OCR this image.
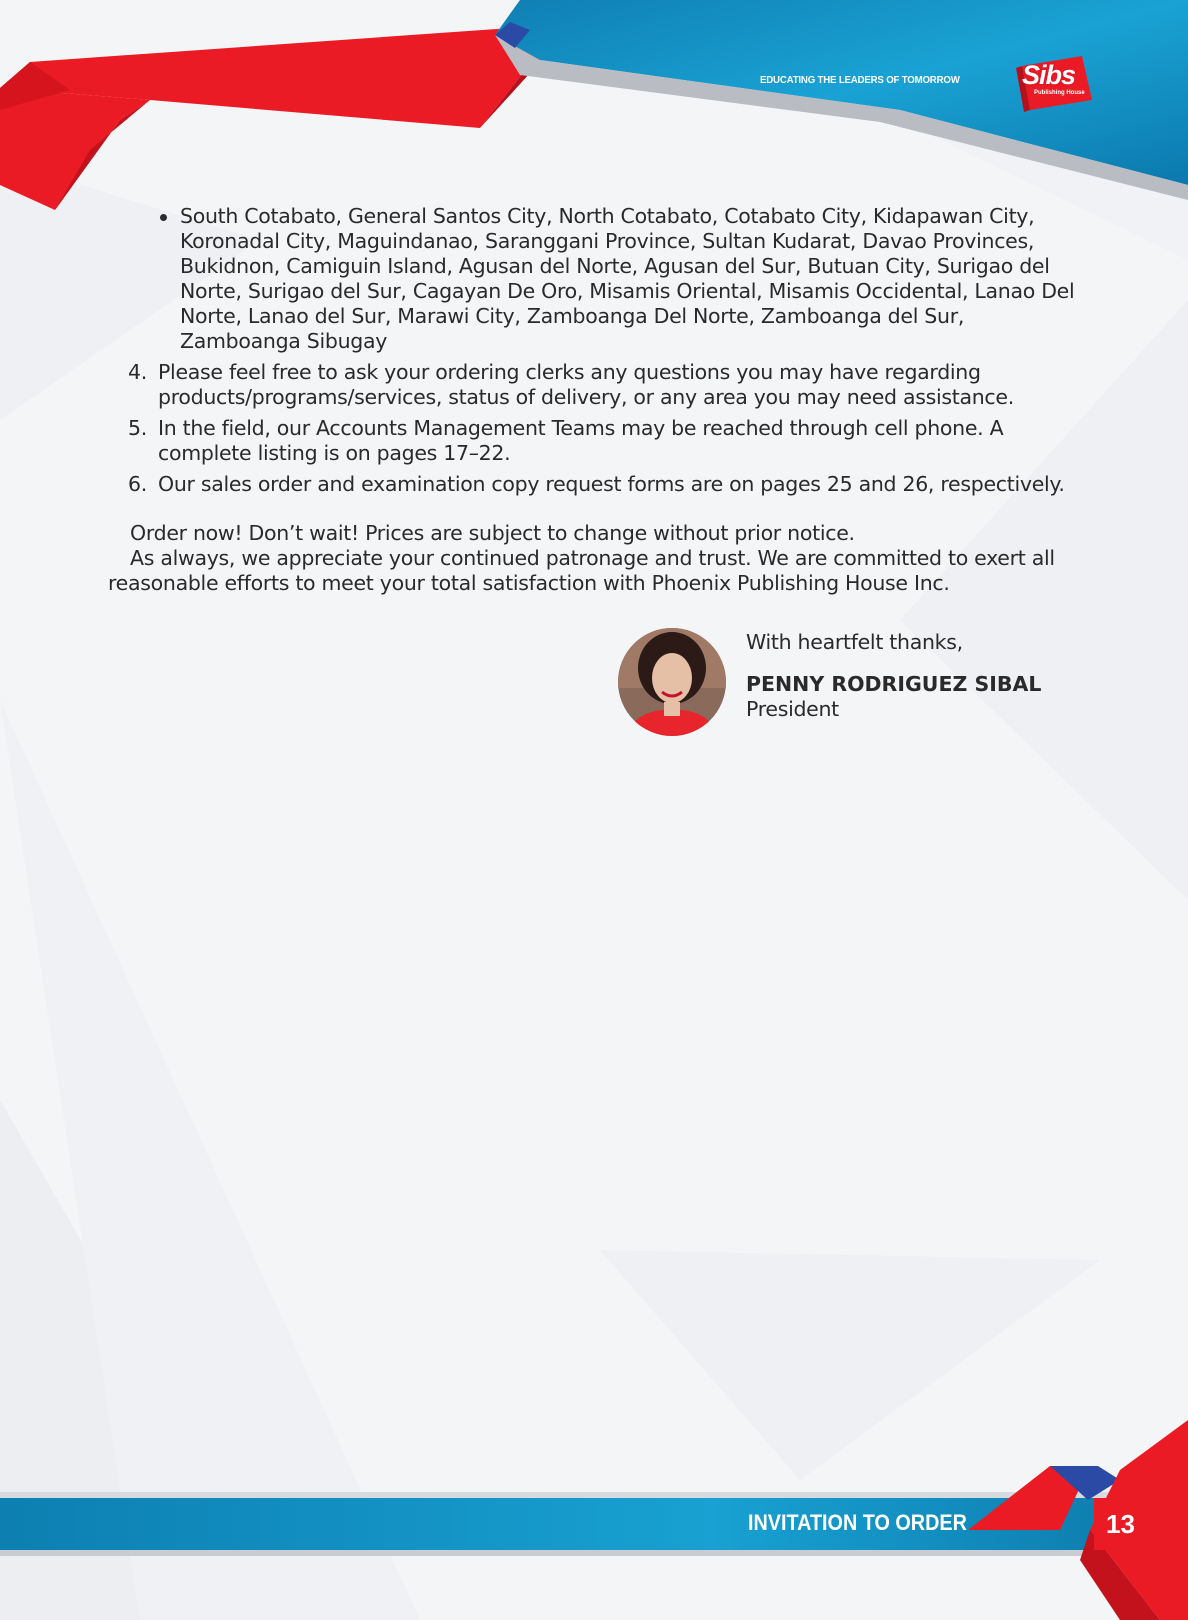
EDUCATING THE LEADERS OF TOMORROW	Sibs
Publishing House
South Cotabato, General Santos City, North Cotabato, Cotabato City, Kidapawan City, Koronadal City, Maguindanao, Saranggani Province, Sultan Kudarat, Davao Provinces, Bukidnon, Camiguin Island, Agusan del Norte, Agusan del Sur, Butuan City, Surigao del Norte, Surigao del Sur, Cagayan De Oro, Misamis Oriental, Misamis Occidental, Lanao Del Norte, Lanao del Sur, Marawi City, Zamboanga Del Norte, Zamboanga del Sur, Zamboanga Sibugay
4. Please feel free to ask your ordering clerks any questions you may have regarding products/programs/services, status of delivery, or any area you may need assistance.
5. In the field, our Accounts Management Teams may be reached through cell phone. A complete listing is on pages 17–22.
6. Our sales order and examination copy request forms are on pages 25 and 26, respectively.
Order now! Don’t wait! Prices are subject to change without prior notice.
As always, we appreciate your continued patronage and trust. We are committed to exert all reasonable efforts to meet your total satisfaction with Phoenix Publishing House Inc.
With heartfelt thanks,
PENNY RODRIGUEZ SIBAL
President
INVITATION TO ORDER	13
